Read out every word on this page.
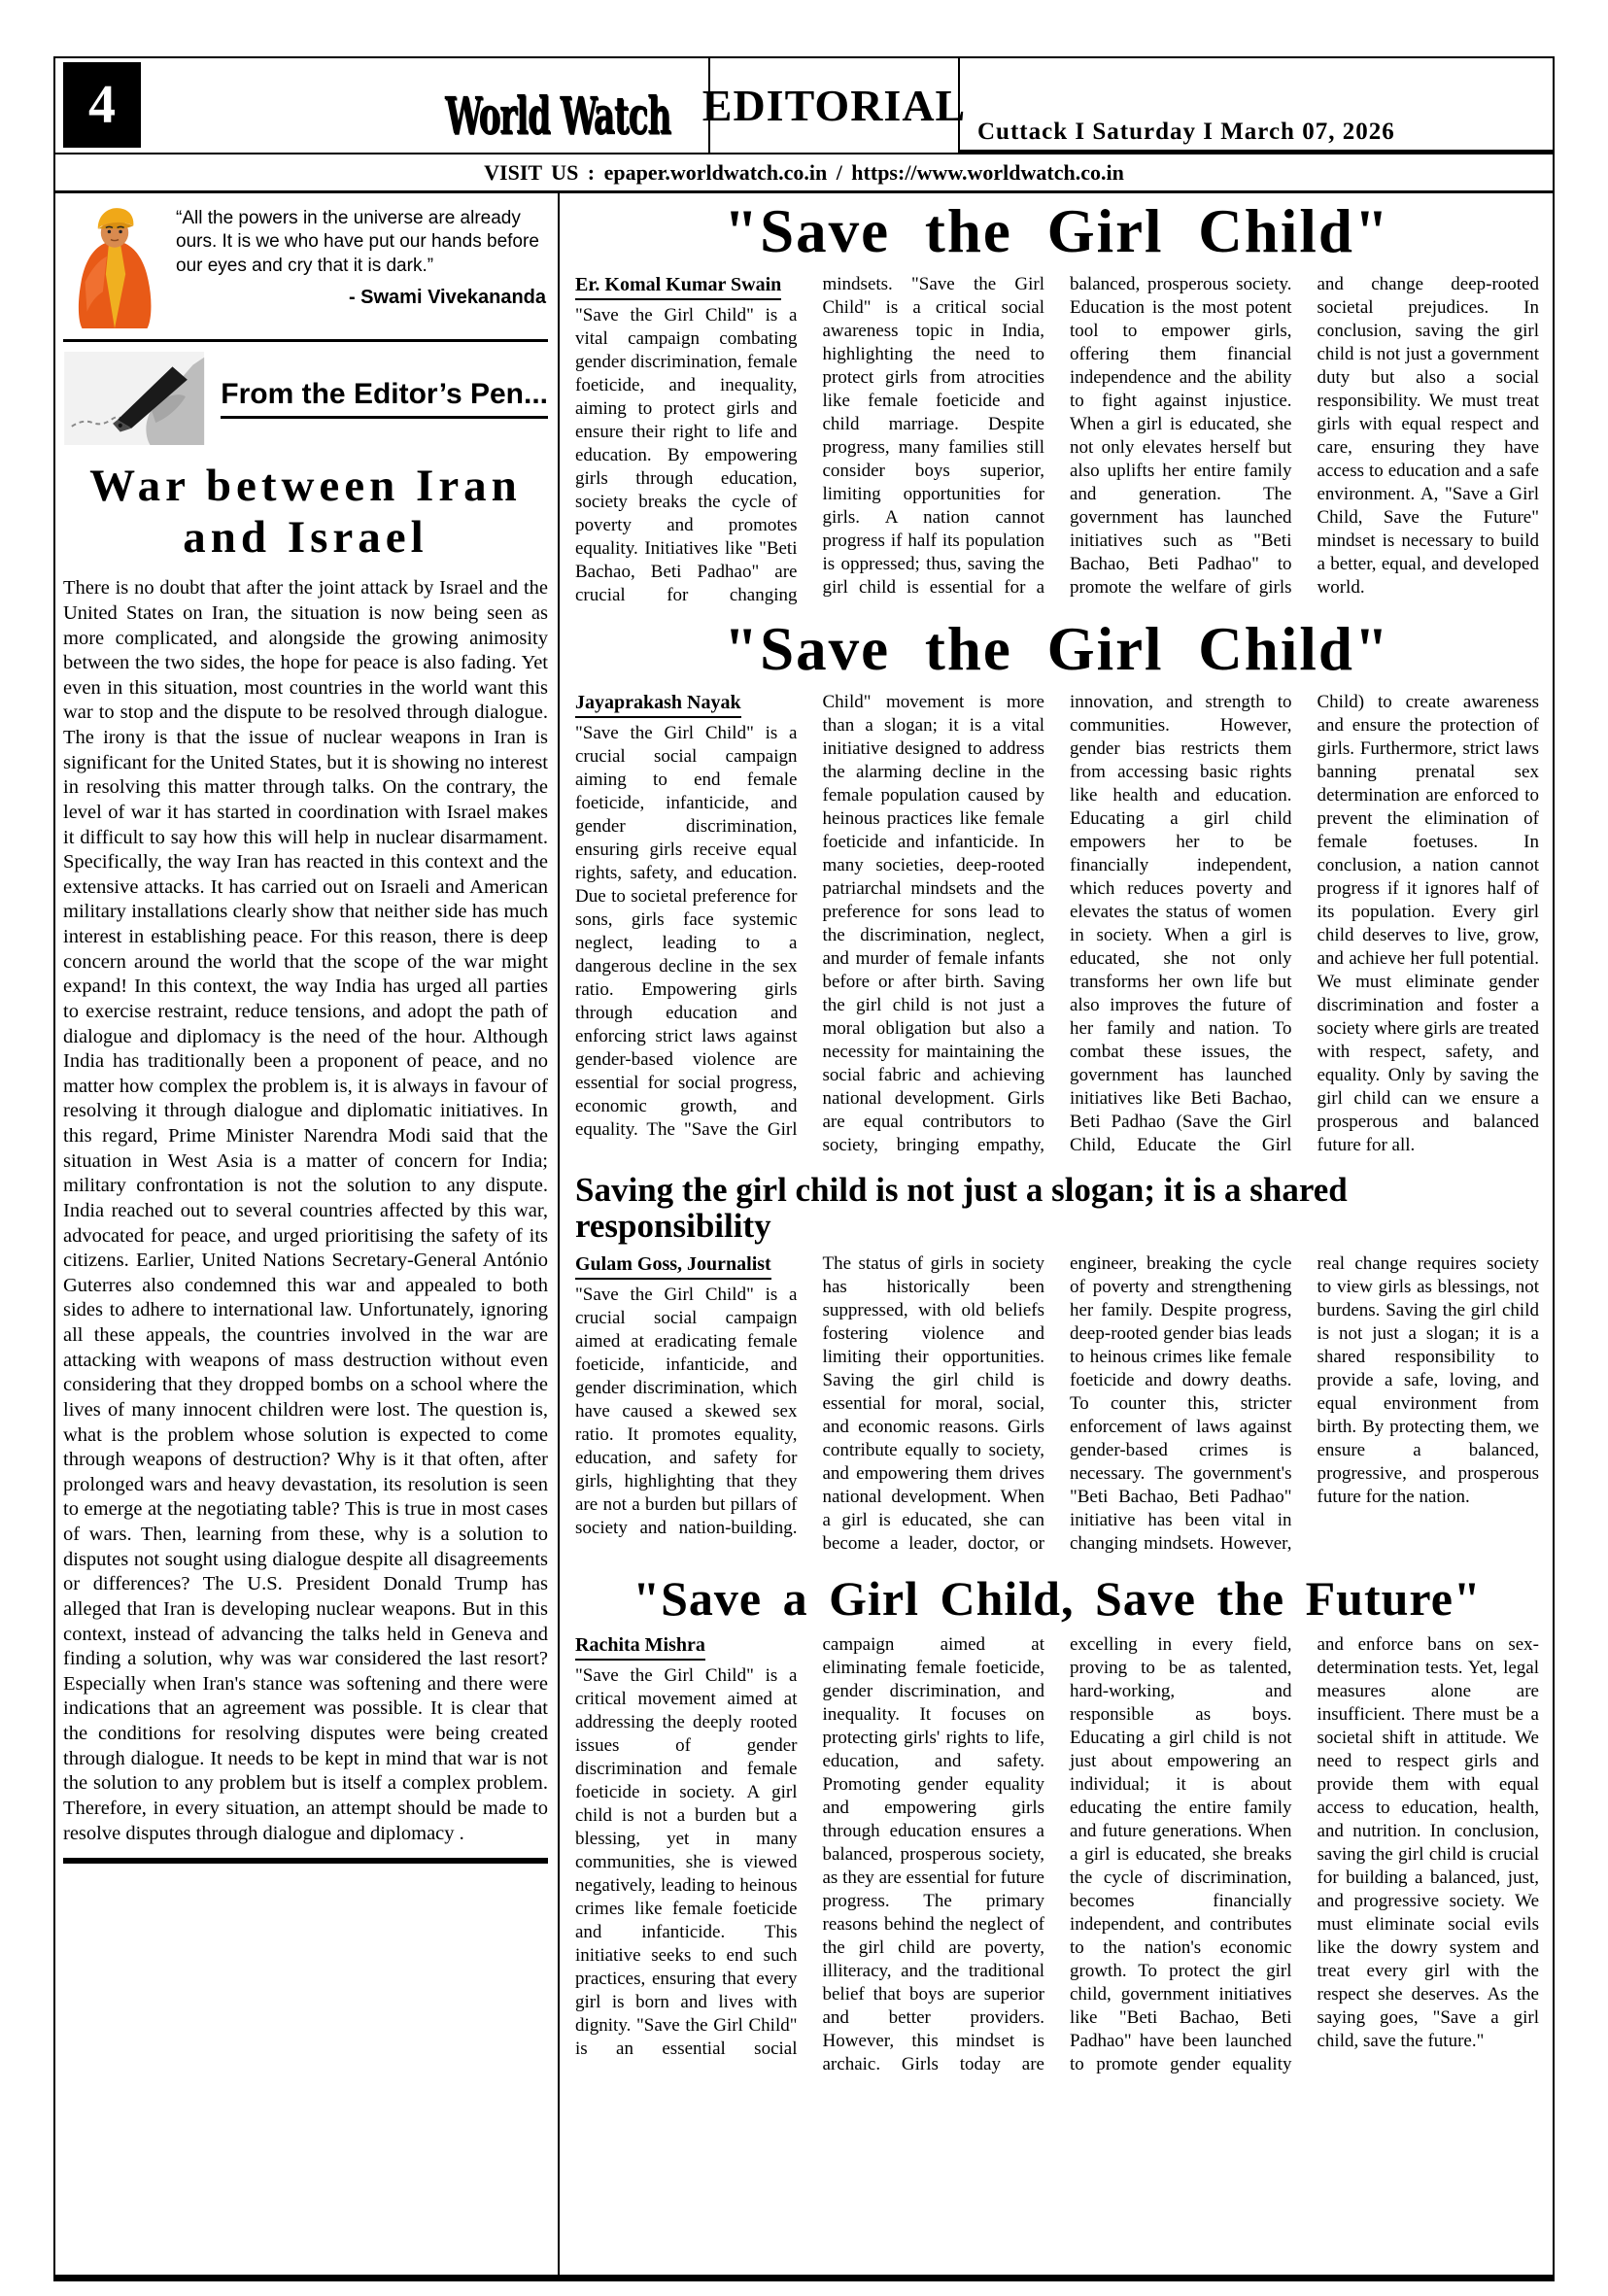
4	World Watch EDITORIAL
Cuttack I Saturday I March 07, 2026
VISIT US : epaper.worldwatch.co.in / https://www.worldwatch.co.in
“All the powers in the universe are already ours. It is we who have put our hands before our eyes and cry that it is dark.”
- Swami Vivekananda
From the Editor’s Pen...
War between Iran and Israel
There is no doubt that after the joint attack by Israel and the United States on Iran, the situation is now being seen as more complicated, and alongside the growing animosity between the two sides, the hope for peace is also fading. Yet even in this situation, most countries in the world want this war to stop and the dispute to be resolved through dialogue. The irony is that the issue of nuclear weapons in Iran is significant for the United States, but it is showing no interest in resolving this matter through talks. On the contrary, the level of war it has started in coordination with Israel makes it difficult to say how this will help in nuclear disarmament. Specifically, the way Iran has reacted in this context and the extensive attacks. It has carried out on Israeli and American military installations clearly show that neither side has much interest in establishing peace. For this reason, there is deep concern around the world that the scope of the war might expand! In this context, the way India has urged all parties to exercise restraint, reduce tensions, and adopt the path of dialogue and diplomacy is the need of the hour. Although India has traditionally been a proponent of peace, and no matter how complex the problem is, it is always in favour of resolving it through dialogue and diplomatic initiatives. In this regard, Prime Minister Narendra Modi said that the situation in West Asia is a matter of concern for India; military confrontation is not the solution to any dispute. India reached out to several countries affected by this war, advocated for peace, and urged prioritising the safety of its citizens. Earlier, United Nations Secretary-General António Guterres also condemned this war and appealed to both sides to adhere to international law. Unfortunately, ignoring all these appeals, the countries involved in the war are attacking with weapons of mass destruction without even considering that they dropped bombs on a school where the lives of many innocent children were lost. The question is, what is the problem whose solution is expected to come through weapons of destruction? Why is it that often, after prolonged wars and heavy devastation, its resolution is seen to emerge at the negotiating table? This is true in most cases of wars. Then, learning from these, why is a solution to disputes not sought using dialogue despite all disagreements or differences? The U.S. President Donald Trump has alleged that Iran is developing nuclear weapons. But in this context, instead of advancing the talks held in Geneva and finding a solution, why was war considered the last resort? Especially when Iran's stance was softening and there were indications that an agreement was possible. It is clear that the conditions for resolving disputes were being created through dialogue. It needs to be kept in mind that war is not the solution to any problem but is itself a complex problem. Therefore, in every situation, an attempt should be made to resolve disputes through dialogue and diplomacy .
"Save the Girl Child"
Er. Komal Kumar Swain

"Save the Girl Child" is a vital campaign combating gender discrimination, female foeticide, and inequality, aiming to protect girls and ensure their right to life and education. By empowering girls through education, society breaks the cycle of poverty and promotes equality. Initiatives like "Beti Bachao, Beti Padhao" are crucial for changing mindsets. "Save the Girl Child" is a critical social awareness topic in India, highlighting the need to protect girls from atrocities like female foeticide and child marriage. Despite progress, many families still consider boys superior, limiting opportunities for girls. A nation cannot progress if half its population is oppressed; thus, saving the girl child is essential for a balanced, prosperous society. Education is the most potent tool to empower girls, offering them financial independence and the ability to fight against injustice. When a girl is educated, she not only elevates herself but also uplifts her entire family and generation. The government has launched initiatives such as "Beti Bachao, Beti Padhao" to promote the welfare of girls and change deep-rooted societal prejudices. In conclusion, saving the girl child is not just a government duty but also a social responsibility. We must treat girls with equal respect and care, ensuring they have access to education and a safe environment. A, "Save a Girl Child, Save the Future" mindset is necessary to build a better, equal, and developed world.

"Save the Girl Child"
Jayaprakash Nayak

"Save the Girl Child" is a crucial social campaign aiming to end female foeticide, infanticide, and gender discrimination, ensuring girls receive equal rights, safety, and education. Due to societal preference for sons, girls face systemic neglect, leading to a dangerous decline in the sex ratio. Empowering girls through education and enforcing strict laws against gender-based violence are essential for social progress, economic growth, and equality. The "Save the Girl Child" movement is more than a slogan; it is a vital initiative designed to address the alarming decline in the female population caused by heinous practices like female foeticide and infanticide. In many societies, deep-rooted patriarchal mindsets and the preference for sons lead to the discrimination, neglect, and murder of female infants before or after birth. Saving the girl child is not just a moral obligation but also a necessity for maintaining the social fabric and achieving national development. Girls are equal contributors to society, bringing empathy, innovation, and strength to communities. However, gender bias restricts them from accessing basic rights like health and education. Educating a girl child empowers her to be financially independent, which reduces poverty and elevates the status of women in society. When a girl is educated, she not only transforms her own life but also improves the future of her family and nation. To combat these issues, the government has launched initiatives like Beti Bachao, Beti Padhao (Save the Girl Child, Educate the Girl Child) to create awareness and ensure the protection of girls. Furthermore, strict laws banning prenatal sex determination are enforced to prevent the elimination of female foetuses. In conclusion, a nation cannot progress if it ignores half of its population. Every girl child deserves to live, grow, and achieve her full potential. We must eliminate gender discrimination and foster a society where girls are treated with respect, safety, and equality. Only by saving the girl child can we ensure a prosperous and balanced future for all.

Saving the girl child is not just a slogan; it is a shared responsibility
Gulam Goss, Journalist

"Save the Girl Child" is a crucial social campaign aimed at eradicating female foeticide, infanticide, and gender discrimination, which have caused a skewed sex ratio. It promotes equality, education, and safety for girls, highlighting that they are not a burden but pillars of society and nation-building. The status of girls in society has historically been suppressed, with old beliefs fostering violence and limiting their opportunities. Saving the girl child is essential for moral, social, and economic reasons. Girls contribute equally to society, and empowering them drives national development. When a girl is educated, she can become a leader, doctor, or engineer, breaking the cycle of poverty and strengthening her family. Despite progress, deep-rooted gender bias leads to heinous crimes like female foeticide and dowry deaths. To counter this, stricter enforcement of laws against gender-based crimes is necessary. The government's "Beti Bachao, Beti Padhao" initiative has been vital in changing mindsets. However, real change requires society to view girls as blessings, not burdens. Saving the girl child is not just a slogan; it is a shared responsibility to provide a safe, loving, and equal environment from birth. By protecting them, we ensure a balanced, progressive, and prosperous future for the nation.

"Save a Girl Child, Save the Future"
Rachita Mishra

"Save the Girl Child" is a critical movement aimed at addressing the deeply rooted issues of gender discrimination and female foeticide in society. A girl child is not a burden but a blessing, yet in many communities, she is viewed negatively, leading to heinous crimes like female foeticide and infanticide. This initiative seeks to end such practices, ensuring that every girl is born and lives with dignity. "Save the Girl Child" is an essential social campaign aimed at eliminating female foeticide, gender discrimination, and inequality. It focuses on protecting girls' rights to life, education, and safety. Promoting gender equality and empowering girls through education ensures a balanced, prosperous society, as they are essential for future progress. The primary reasons behind the neglect of the girl child are poverty, illiteracy, and the traditional belief that boys are superior and better providers. However, this mindset is archaic. Girls today are excelling in every field, proving to be as talented, hard-working, and responsible as boys. Educating a girl child is not just about empowering an individual; it is about educating the entire family and future generations. When a girl is educated, she breaks the cycle of discrimination, becomes financially independent, and contributes to the nation's economic growth. To protect the girl child, government initiatives like "Beti Bachao, Beti Padhao" have been launched to promote gender equality and enforce bans on sex-determination tests. Yet, legal measures alone are insufficient. There must be a societal shift in attitude. We need to respect girls and provide them with equal access to education, health, and nutrition. In conclusion, saving the girl child is crucial for building a balanced, just, and progressive society. We must eliminate social evils like the dowry system and treat every girl with the respect she deserves. As the saying goes, "Save a girl child, save the future."
